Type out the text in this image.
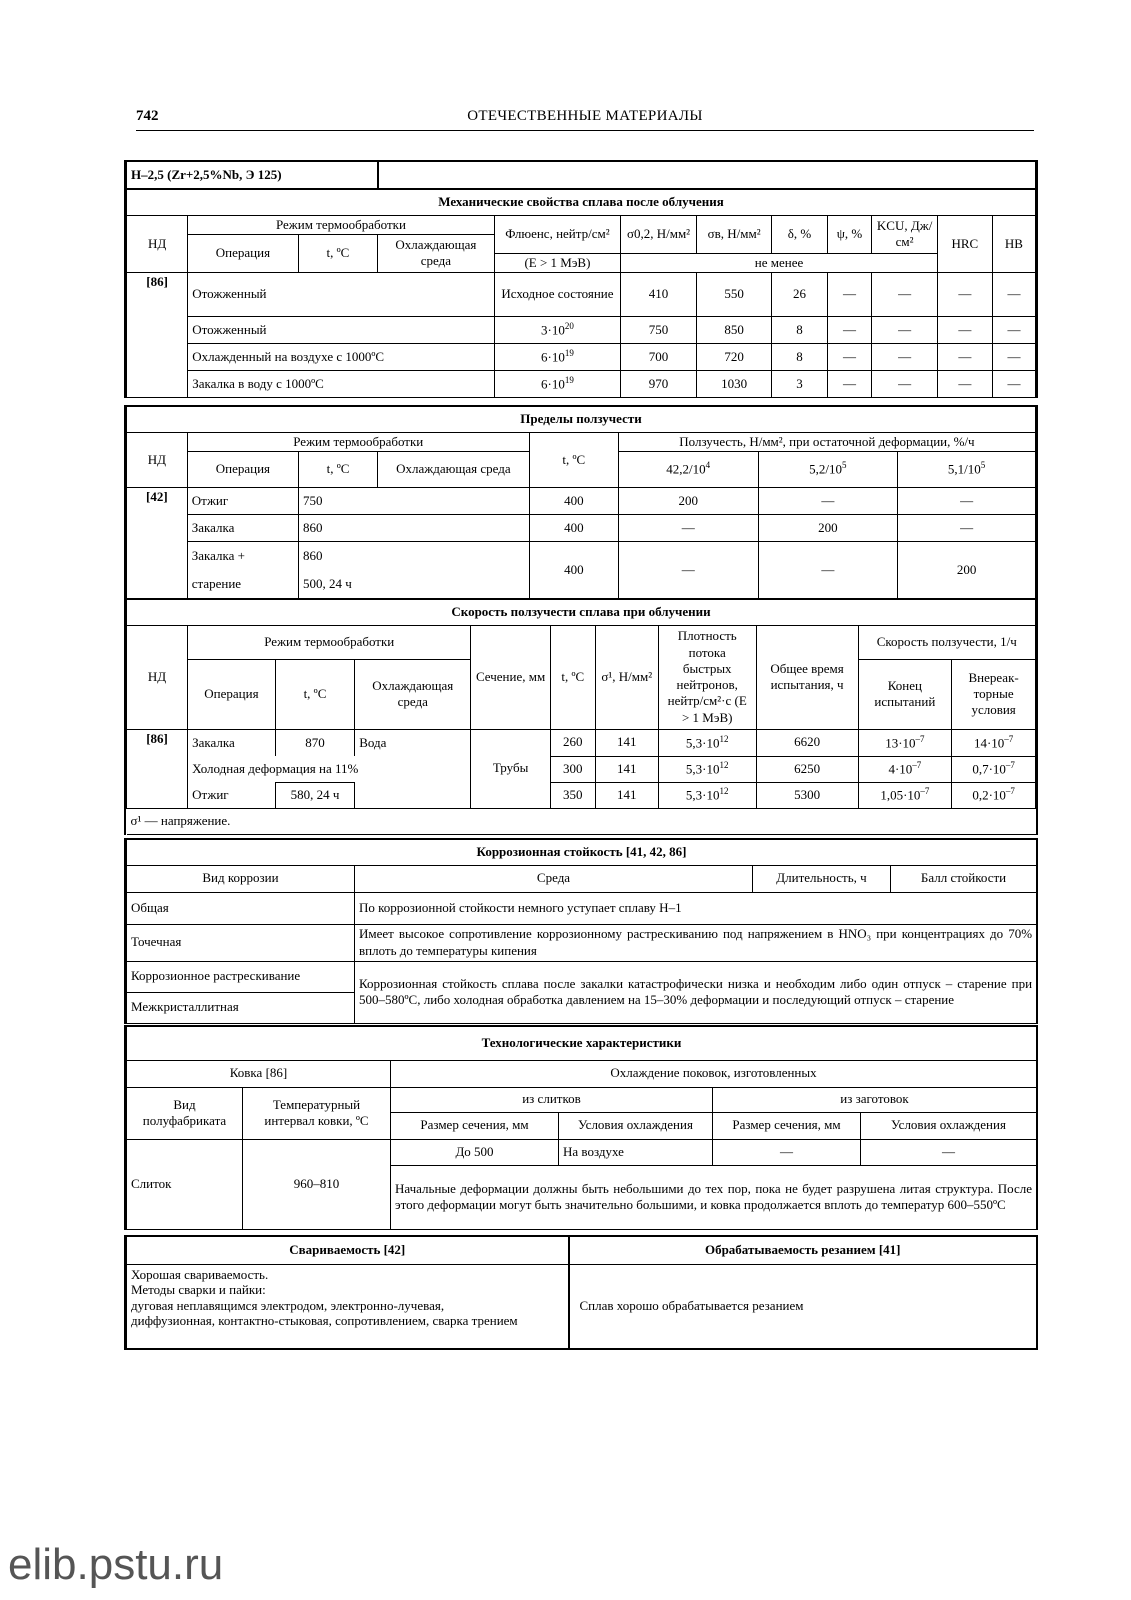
742	ОТЕЧЕСТВЕННЫЕ МАТЕРИАЛЫ
Н–2,5 (Zr+2,5%Nb, Э 125)											
Механические свойства сплава после облучения											
НД	Режим термообработки			Флюенс, нейтр/см²	σ0,2, Н/мм²	σв, Н/мм²	δ, %	ψ, %	KCU, Дж/см²	HRC	HB
	Операция	t, ºС	Охлаждающая среда								
				(Е > 1 МэВ)	не менее						
[86]	Отожженный			Исходное состояние	410	550	26	—	—	—	—
	Отожженный			$3\cdot 10^{20}$	750	850	8	—	—	—	—
	Охлажденный на воздухе с 1000ºС			$6\cdot 10^{19}$	700	720	8	—	—	—	—
	Закалка в воду с 1000ºС			$6\cdot 10^{19}$	970	1030	3	—	—	—	—
Пределы ползучести							
НД	Режим термообработки			t, ºС	Ползучесть, Н/мм², при остаточной деформации, %/ч		
	Операция	t, ºС	Охлаждающая среда		$42,2/10^4$	$5,2/10^5$	$5,1/10^5$
[42]	Отжиг	750		400	200	—	—
	Закалка	860		400	—	200	—
	Закалка +	860		400	—	—	200
	старение	500, 24 ч					
Скорость ползучести сплава при облучении										
НД	Режим термообработки			Сечение, мм	t, ºС	σ¹, Н/мм²	Плотность потока быстрых нейтронов, нейтр/см²·с (Е > 1 МэВ)	Общее время испытания, ч	Скорость ползучести, 1/ч	
	Операция	t, ºС	Охлаждающая среда						Конец испытаний	Внереак-торные условия
[86]	Закалка	870	Вода	Трубы	260	141	$5,3\cdot 10^{12}$	6620	$13\cdot 10^{-7}$	$14\cdot 10^{-7}$
	Холодная деформация на 11%				300	141	$5,3\cdot 10^{12}$	6250	$4\cdot 10^{-7}$	$0,7\cdot 10^{-7}$
	Отжиг	580, 24 ч			350	141	$5,3\cdot 10^{12}$	5300	$1,05\cdot 10^{-7}$	$0,2\cdot 10^{-7}$
σ¹ — напряжение.										
Коррозионная стойкость [41, 42, 86]			
Вид коррозии	Среда	Длительность, ч	Балл стойкости
Общая	По коррозионной стойкости немного уступает сплаву Н–1		
Точечная	Имеет высокое сопротивление коррозионному растрескиванию под напряжением в HNO₃ при концентрациях до 70% вплоть до температуры кипения		
Коррозионное растрескивание	Коррозионная стойкость сплава после закалки катастрофически низка и необходим либо один отпуск – старение при 500–580ºС, либо холодная обработка давлением на 15–30% деформации и последующий отпуск – старение		
Межкристаллитная			
Технологические характеристики					
Ковка [86]		Охлаждение поковок, изготовленных			
Вид полуфабриката	Температурный интервал ковки, ºС	из слитков		из заготовок	
		Размер сечения, мм	Условия охлаждения	Размер сечения, мм	Условия охлаждения
Слиток	960–810	До 500	На воздухе	—	—
		Начальные деформации должны быть небольшими до тех пор, пока не будет разрушена литая структура. После этого деформации могут быть значительно большими, и ковка продолжается вплоть до температур 600–550ºС			
Свариваемость [42]	Обрабатываемость резанием [41]

Хорошая свариваемость.
Методы сварки и пайки:
дуговая неплавящимся электродом, электронно-лучевая,
диффузионная, контактно-стыковая, сопротивлением, сварка трением	Сплав хорошо обрабатывается резанием
elib.pstu.ru
